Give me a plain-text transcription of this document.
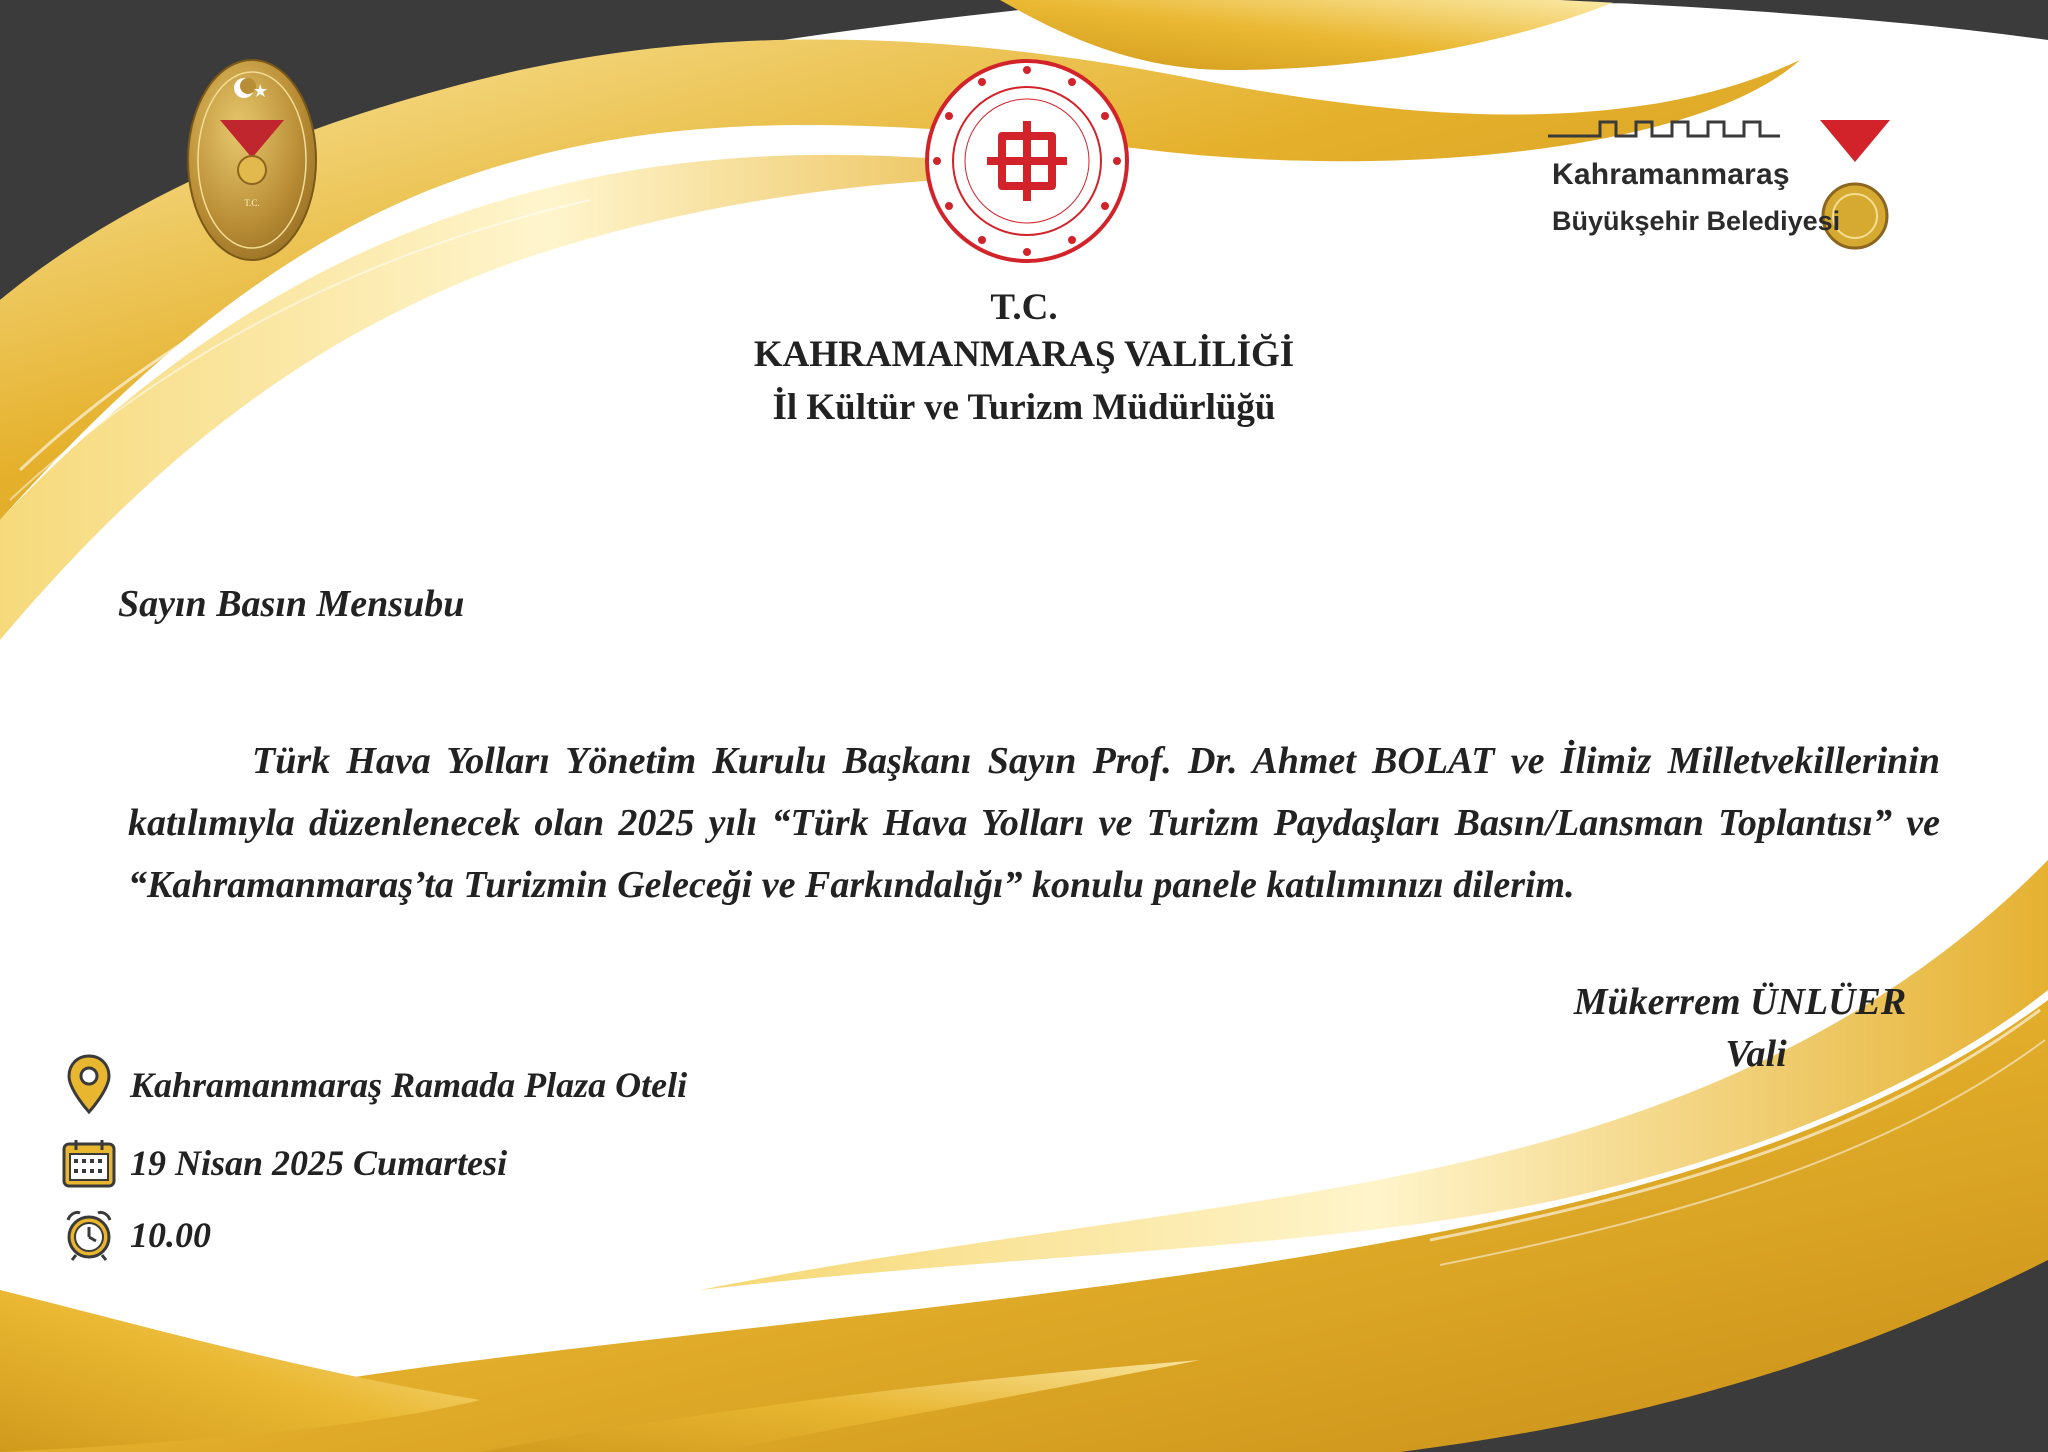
T.C.
Kahramanmaraş
Büyükşehir Belediyesi
T.C.
KAHRAMANMARAŞ VALİLİĞİ
İl Kültür ve Turizm Müdürlüğü
Sayın Basın Mensubu
Türk Hava Yolları Yönetim Kurulu Başkanı Sayın Prof. Dr. Ahmet BOLAT ve İlimiz Milletvekillerinin katılımıyla düzenlenecek olan 2025 yılı “Türk Hava Yolları ve Turizm Paydaşları Basın/Lansman Toplantısı” ve “Kahramanmaraş’ta Turizmin Geleceği ve Farkındalığı” konulu panele katılımınızı dilerim.
Mükerrem ÜNLÜER
Vali
Kahramanmaraş Ramada Plaza Oteli
19 Nisan 2025 Cumartesi
10.00
